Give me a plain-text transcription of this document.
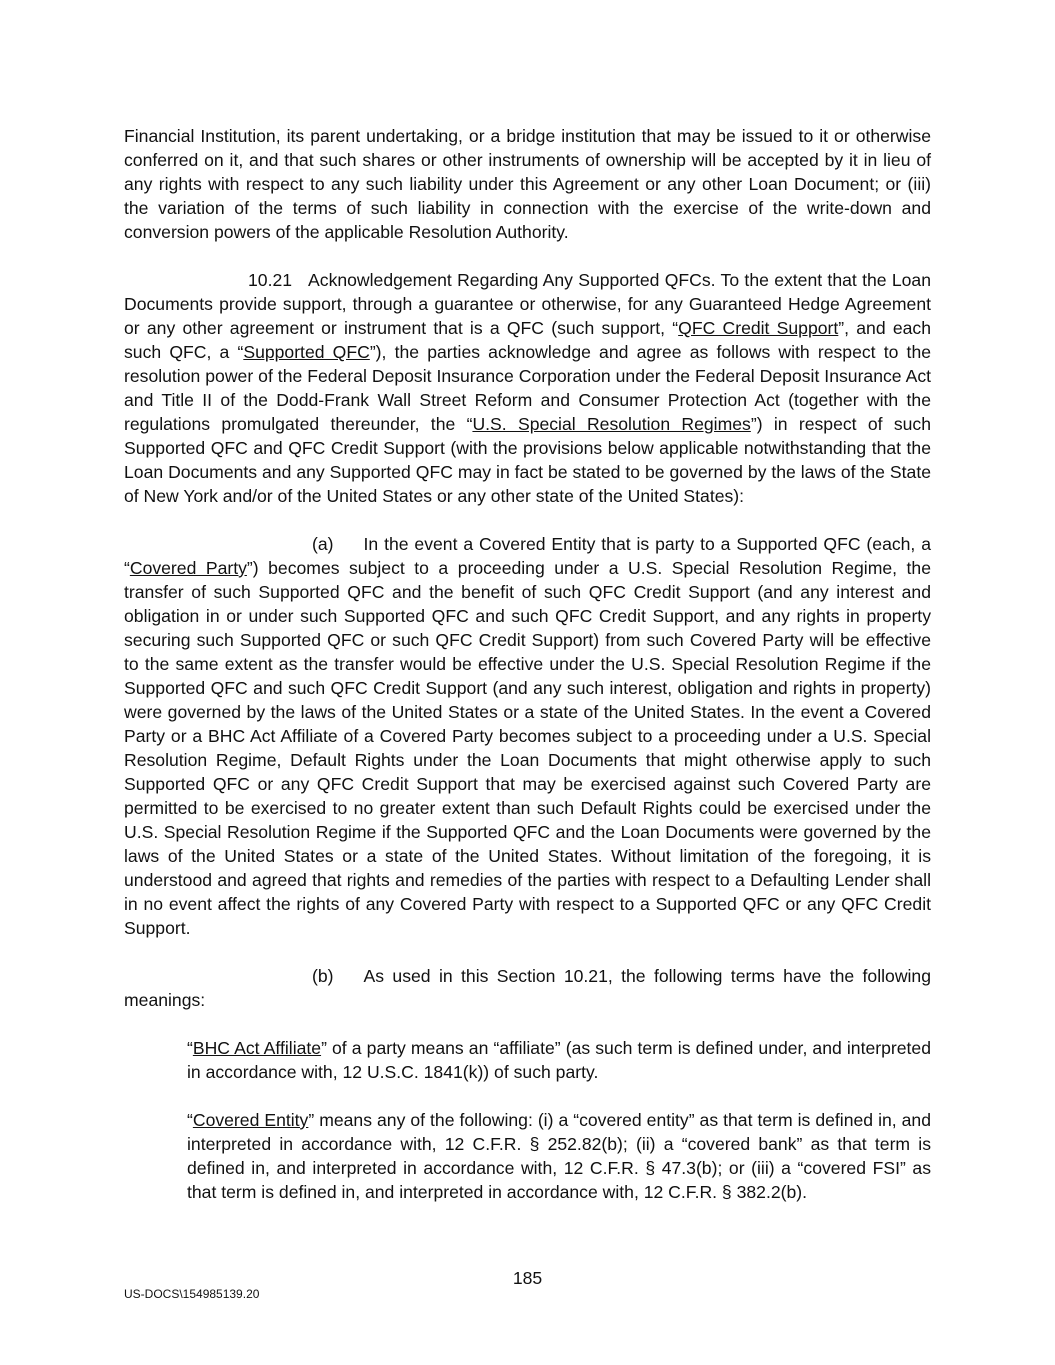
Financial Institution, its parent undertaking, or a bridge institution that may be issued to it or otherwise conferred on it, and that such shares or other instruments of ownership will be accepted by it in lieu of any rights with respect to any such liability under this Agreement or any other Loan Document; or (iii) the variation of the terms of such liability in connection with the exercise of the write-down and conversion powers of the applicable Resolution Authority.

10.21 Acknowledgement Regarding Any Supported QFCs. To the extent that the Loan Documents provide support, through a guarantee or otherwise, for any Guaranteed Hedge Agreement or any other agreement or instrument that is a QFC (such support, “QFC Credit Support”, and each such QFC, a “Supported QFC”), the parties acknowledge and agree as follows with respect to the resolution power of the Federal Deposit Insurance Corporation under the Federal Deposit Insurance Act and Title II of the Dodd-Frank Wall Street Reform and Consumer Protection Act (together with the regulations promulgated thereunder, the “U.S. Special Resolution Regimes”) in respect of such Supported QFC and QFC Credit Support (with the provisions below applicable notwithstanding that the Loan Documents and any Supported QFC may in fact be stated to be governed by the laws of the State of New York and/or of the United States or any other state of the United States):

(a) In the event a Covered Entity that is party to a Supported QFC (each, a “Covered Party”) becomes subject to a proceeding under a U.S. Special Resolution Regime, the transfer of such Supported QFC and the benefit of such QFC Credit Support (and any interest and obligation in or under such Supported QFC and such QFC Credit Support, and any rights in property securing such Supported QFC or such QFC Credit Support) from such Covered Party will be effective to the same extent as the transfer would be effective under the U.S. Special Resolution Regime if the Supported QFC and such QFC Credit Support (and any such interest, obligation and rights in property) were governed by the laws of the United States or a state of the United States. In the event a Covered Party or a BHC Act Affiliate of a Covered Party becomes subject to a proceeding under a U.S. Special Resolution Regime, Default Rights under the Loan Documents that might otherwise apply to such Supported QFC or any QFC Credit Support that may be exercised against such Covered Party are permitted to be exercised to no greater extent than such Default Rights could be exercised under the U.S. Special Resolution Regime if the Supported QFC and the Loan Documents were governed by the laws of the United States or a state of the United States. Without limitation of the foregoing, it is understood and agreed that rights and remedies of the parties with respect to a Defaulting Lender shall in no event affect the rights of any Covered Party with respect to a Supported QFC or any QFC Credit Support.

(b) As used in this Section 10.21, the following terms have the following meanings:

“BHC Act Affiliate” of a party means an “affiliate” (as such term is defined under, and interpreted in accordance with, 12 U.S.C. 1841(k)) of such party.

“Covered Entity” means any of the following: (i) a “covered entity” as that term is defined in, and interpreted in accordance with, 12 C.F.R. § 252.82(b); (ii) a “covered bank” as that term is defined in, and interpreted in accordance with, 12 C.F.R. § 47.3(b); or (iii) a “covered FSI” as that term is defined in, and interpreted in accordance with, 12 C.F.R. § 382.2(b).

185
US-DOCS\154985139.20
